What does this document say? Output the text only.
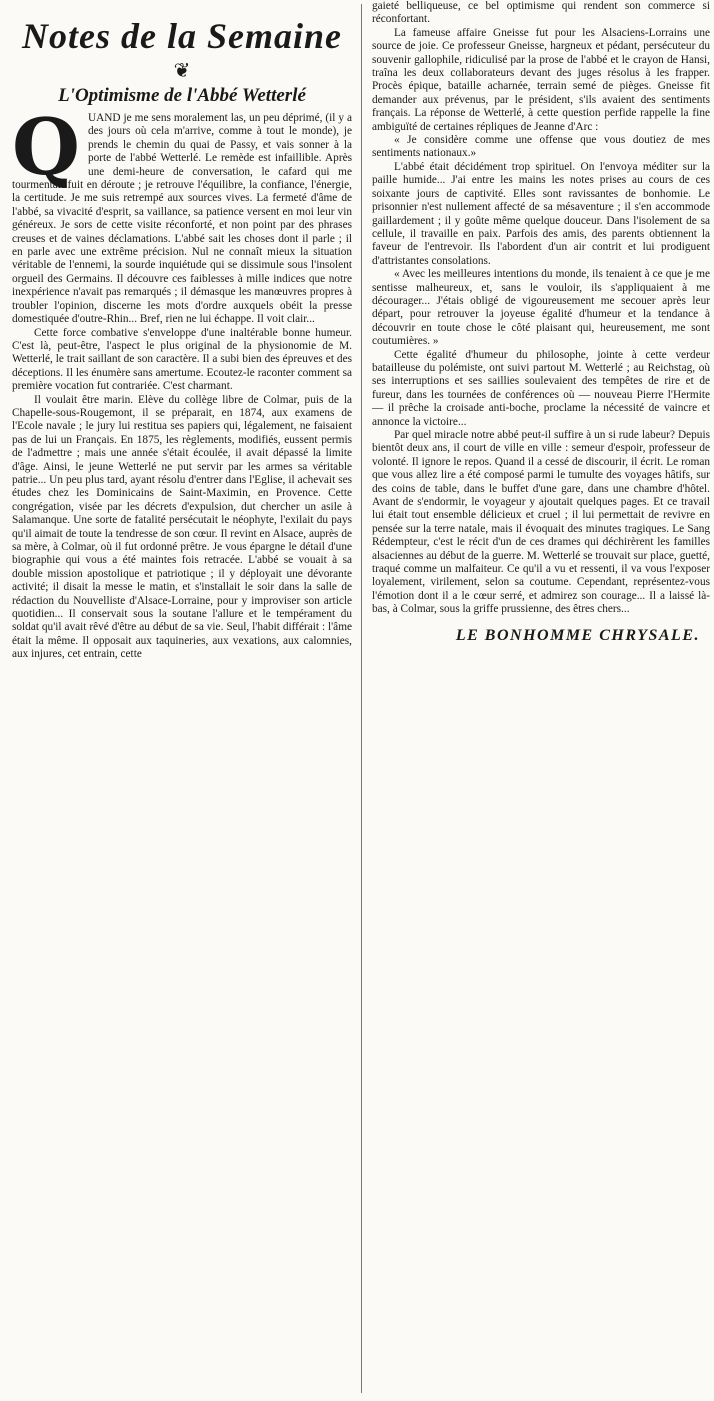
Notes de la Semaine
❦
L'Optimisme de l'Abbé Wetterlé

QUAND je me sens moralement las, un peu déprimé, (il y a des jours où cela m'arrive, comme à tout le monde), je prends le chemin du quai de Passy, et vais sonner à la porte de l'abbé Wetterlé. Le remède est infaillible. Après une demi-heure de conversation, le cafard qui me tourmentait fuit en déroute ; je retrouve l'équilibre, la confiance, l'énergie, la certitude. Je me suis retrempé aux sources vives. La fermeté d'âme de l'abbé, sa vivacité d'esprit, sa vaillance, sa patience versent en moi leur vin généreux. Je sors de cette visite réconforté, et non point par des phrases creuses et de vaines déclamations. L'abbé sait les choses dont il parle ; il en parle avec une extrême précision. Nul ne connaît mieux la situation véritable de l'ennemi, la sourde inquiétude qui se dissimule sous l'insolent orgueil des Germains. Il découvre ces faiblesses à mille indices que notre inexpérience n'avait pas remarqués ; il démasque les manœuvres propres à troubler l'opinion, discerne les mots d'ordre auxquels obéit la presse domestiquée d'outre-Rhin... Bref, rien ne lui échappe. Il voit clair...

Cette force combative s'enveloppe d'une inaltérable bonne humeur. C'est là, peut-être, l'aspect le plus original de la physionomie de M. Wetterlé, le trait saillant de son caractère. Il a subi bien des épreuves et des déceptions. Il les énumère sans amertume. Ecoutez-le raconter comment sa première vocation fut contrariée. C'est charmant.

Il voulait être marin. Elève du collège libre de Colmar, puis de la Chapelle-sous-Rougemont, il se préparait, en 1874, aux examens de l'Ecole navale ; le jury lui restitua ses papiers qui, légalement, ne faisaient pas de lui un Français. En 1875, les règlements, modifiés, eussent permis de l'admettre ; mais une année s'était écoulée, il avait dépassé la limite d'âge. Ainsi, le jeune Wetterlé ne put servir par les armes sa véritable patrie... Un peu plus tard, ayant résolu d'entrer dans l'Eglise, il achevait ses études chez les Dominicains de Saint-Maximin, en Provence. Cette congrégation, visée par les décrets d'expulsion, dut chercher un asile à Salamanque. Une sorte de fatalité persécutait le néophyte, l'exilait du pays qu'il aimait de toute la tendresse de son cœur. Il revint en Alsace, auprès de sa mère, à Colmar, où il fut ordonné prêtre. Je vous épargne le détail d'une biographie qui vous a été maintes fois retracée. L'abbé se vouait à sa double mission apostolique et patriotique ; il y déployait une dévorante activité; il disait la messe le matin, et s'installait le soir dans la salle de rédaction du Nouvelliste d'Alsace-Lorraine, pour y improviser son article quotidien... Il conservait sous la soutane l'allure et le tempérament du soldat qu'il avait rêvé d'être au début de sa vie. Seul, l'habit différait : l'âme était la même. Il opposait aux taquineries, aux vexations, aux calomnies, aux injures, cet entrain, cette

gaieté belliqueuse, ce bel optimisme qui rendent son commerce si réconfortant.

La fameuse affaire Gneisse fut pour les Alsaciens-Lorrains une source de joie. Ce professeur Gneisse, hargneux et pédant, persécuteur du souvenir gallophile, ridiculisé par la prose de l'abbé et le crayon de Hansi, traîna les deux collaborateurs devant des juges résolus à les frapper. Procès épique, bataille acharnée, terrain semé de pièges. Gneisse fit demander aux prévenus, par le président, s'ils avaient des sentiments français. La réponse de Wetterlé, à cette question perfide rappelle la fine ambiguïté de certaines répliques de Jeanne d'Arc :

« Je considère comme une offense que vous doutiez de mes sentiments nationaux.»

L'abbé était décidément trop spirituel. On l'envoya méditer sur la paille humide... J'ai entre les mains les notes prises au cours de ces soixante jours de captivité. Elles sont ravissantes de bonhomie. Le prisonnier n'est nullement affecté de sa mésaventure ; il s'en accommode gaillardement ; il y goûte même quelque douceur. Dans l'isolement de sa cellule, il travaille en paix. Parfois des amis, des parents obtiennent la faveur de l'entrevoir. Ils l'abordent d'un air contrit et lui prodiguent d'attristantes consolations.

« Avec les meilleures intentions du monde, ils tenaient à ce que je me sentisse malheureux, et, sans le vouloir, ils s'appliquaient à me décourager... J'étais obligé de vigoureusement me secouer après leur départ, pour retrouver la joyeuse égalité d'humeur et la tendance à découvrir en toute chose le côté plaisant qui, heureusement, me sont coutumières. »

Cette égalité d'humeur du philosophe, jointe à cette verdeur batailleuse du polémiste, ont suivi partout M. Wetterlé ; au Reichstag, où ses interruptions et ses saillies soulevaient des tempêtes de rire et de fureur, dans les tournées de conférences où — nouveau Pierre l'Hermite — il prêche la croisade anti-boche, proclame la nécessité de vaincre et annonce la victoire...

Par quel miracle notre abbé peut-il suffire à un si rude labeur? Depuis bientôt deux ans, il court de ville en ville : semeur d'espoir, professeur de volonté. Il ignore le repos. Quand il a cessé de discourir, il écrit. Le roman que vous allez lire a été composé parmi le tumulte des voyages hâtifs, sur des coins de table, dans le buffet d'une gare, dans une chambre d'hôtel. Avant de s'endormir, le voyageur y ajoutait quelques pages. Et ce travail lui était tout ensemble délicieux et cruel ; il lui permettait de revivre en pensée sur la terre natale, mais il évoquait des minutes tragiques. Le Sang Rédempteur, c'est le récit d'un de ces drames qui déchirèrent les familles alsaciennes au début de la guerre. M. Wetterlé se trouvait sur place, guetté, traqué comme un malfaiteur. Ce qu'il a vu et ressenti, il va vous l'exposer loyalement, virilement, selon sa coutume. Cependant, représentez-vous l'émotion dont il a le cœur serré, et admirez son courage... Il a laissé là-bas, à Colmar, sous la griffe prussienne, des êtres chers...

LE BONHOMME CHRYSALE.
